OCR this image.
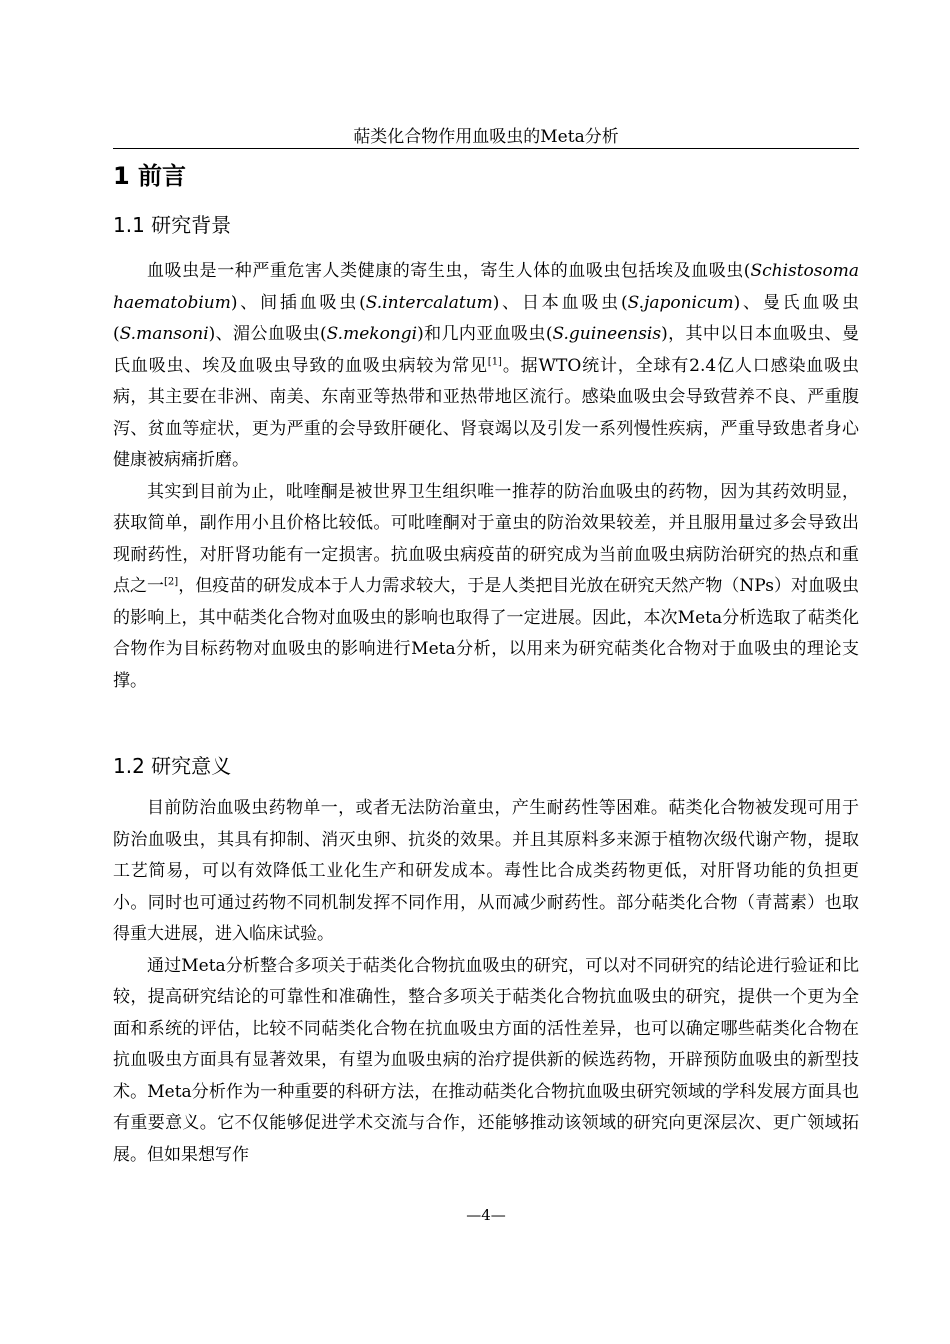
萜类化合物作用血吸虫的Meta分析
1 前言
1.1 研究背景

血吸虫是一种严重危害人类健康的寄生虫，寄生人体的血吸虫包括埃及血吸虫(Schistosoma haematobium)、间插血吸虫(S.intercalatum)、日本血吸虫(S.japonicum)、曼氏血吸虫(S.mansoni)、湄公血吸虫(S.mekongi)和几内亚血吸虫(S.guineensis)，其中以日本血吸虫、曼氏血吸虫、埃及血吸虫导致的血吸虫病较为常见[1]。据WTO统计，全球有2.4亿人口感染血吸虫病，其主要在非洲、南美、东南亚等热带和亚热带地区流行。感染血吸虫会导致营养不良、严重腹泻、贫血等症状，更为严重的会导致肝硬化、肾衰竭以及引发一系列慢性疾病，严重导致患者身心健康被病痛折磨。

其实到目前为止，吡喹酮是被世界卫生组织唯一推荐的防治血吸虫的药物，因为其药效明显，获取简单，副作用小且价格比较低。可吡喹酮对于童虫的防治效果较差，并且服用量过多会导致出现耐药性，对肝肾功能有一定损害。抗血吸虫病疫苗的研究成为当前血吸虫病防治研究的热点和重点之一[2]，但疫苗的研发成本于人力需求较大，于是人类把目光放在研究天然产物（NPs）对血吸虫的影响上，其中萜类化合物对血吸虫的影响也取得了一定进展。因此，本次Meta分析选取了萜类化合物作为目标药物对血吸虫的影响进行Meta分析，以用来为研究萜类化合物对于血吸虫的理论支撑。

1.2 研究意义

目前防治血吸虫药物单一，或者无法防治童虫，产生耐药性等困难。萜类化合物被发现可用于防治血吸虫，其具有抑制、消灭虫卵、抗炎的效果。并且其原料多来源于植物次级代谢产物，提取工艺简易，可以有效降低工业化生产和研发成本。毒性比合成类药物更低，对肝肾功能的负担更小。同时也可通过药物不同机制发挥不同作用，从而减少耐药性。部分萜类化合物（青蒿素）也取得重大进展，进入临床试验。

通过Meta分析整合多项关于萜类化合物抗血吸虫的研究，可以对不同研究的结论进行验证和比较，提高研究结论的可靠性和准确性，整合多项关于萜类化合物抗血吸虫的研究，提供一个更为全面和系统的评估，比较不同萜类化合物在抗血吸虫方面的活性差异，也可以确定哪些萜类化合物在抗血吸虫方面具有显著效果，有望为血吸虫病的治疗提供新的候选药物，开辟预防血吸虫的新型技术。Meta分析作为一种重要的科研方法，在推动萜类化合物抗血吸虫研究领域的学科发展方面具也有重要意义。它不仅能够促进学术交流与合作，还能够推动该领域的研究向更深层次、更广领域拓展。但如果想写作

—4—
